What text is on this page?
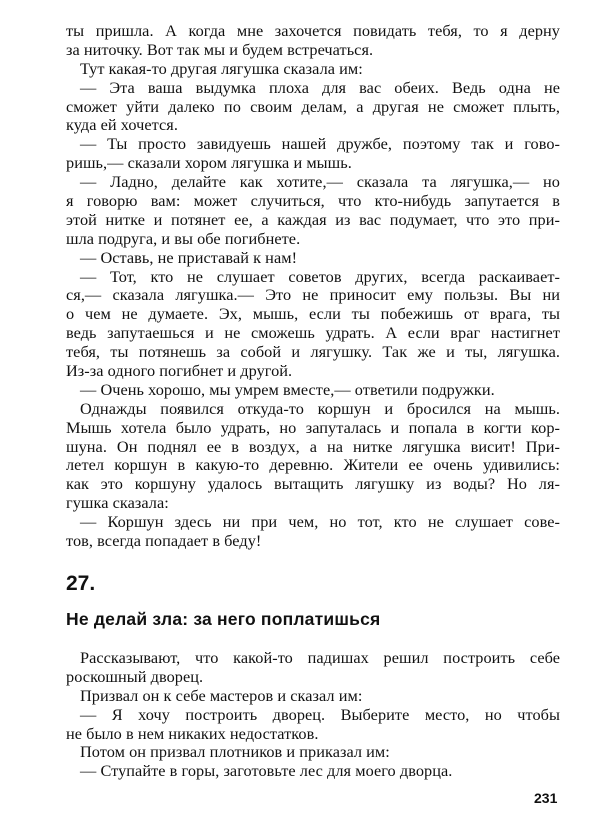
ты пришла. А когда мне захочется повидать тебя, то я дерну
за ниточку. Вот так мы и будем встречаться.
Тут какая-то другая лягушка сказала им:
— Эта ваша выдумка плоха для вас обеих. Ведь одна не
сможет уйти далеко по своим делам, а другая не сможет плыть,
куда ей хочется.
— Ты просто завидуешь нашей дружбе, поэтому так и гово-
ришь,— сказали хором лягушка и мышь.
— Ладно, делайте как хотите,— сказала та лягушка,— но
я говорю вам: может случиться, что кто-нибудь запутается в
этой нитке и потянет ее, а каждая из вас подумает, что это при-
шла подруга, и вы обе погибнете.
— Оставь, не приставай к нам!
— Тот, кто не слушает советов других, всегда раскаивает-
ся,— сказала лягушка.— Это не приносит ему пользы. Вы ни
о чем не думаете. Эх, мышь, если ты побежишь от врага, ты
ведь запутаешься и не сможешь удрать. А если враг настигнет
тебя, ты потянешь за собой и лягушку. Так же и ты, лягушка.
Из-за одного погибнет и другой.
— Очень хорошо, мы умрем вместе,— ответили подружки.
Однажды появился откуда-то коршун и бросился на мышь.
Мышь хотела было удрать, но запуталась и попала в когти кор-
шуна. Он поднял ее в воздух, а на нитке лягушка висит! При-
летел коршун в какую-то деревню. Жители ее очень удивились:
как это коршуну удалось вытащить лягушку из воды? Но ля-
гушка сказала:
— Коршун здесь ни при чем, но тот, кто не слушает сове-
тов, всегда попадает в беду!
27.
Не делай зла: за него поплатишься
Рассказывают, что какой-то падишах решил построить себе
роскошный дворец.
Призвал он к себе мастеров и сказал им:
— Я хочу построить дворец. Выберите место, но чтобы
не было в нем никаких недостатков.
Потом он призвал плотников и приказал им:
— Ступайте в горы, заготовьте лес для моего дворца.
231
